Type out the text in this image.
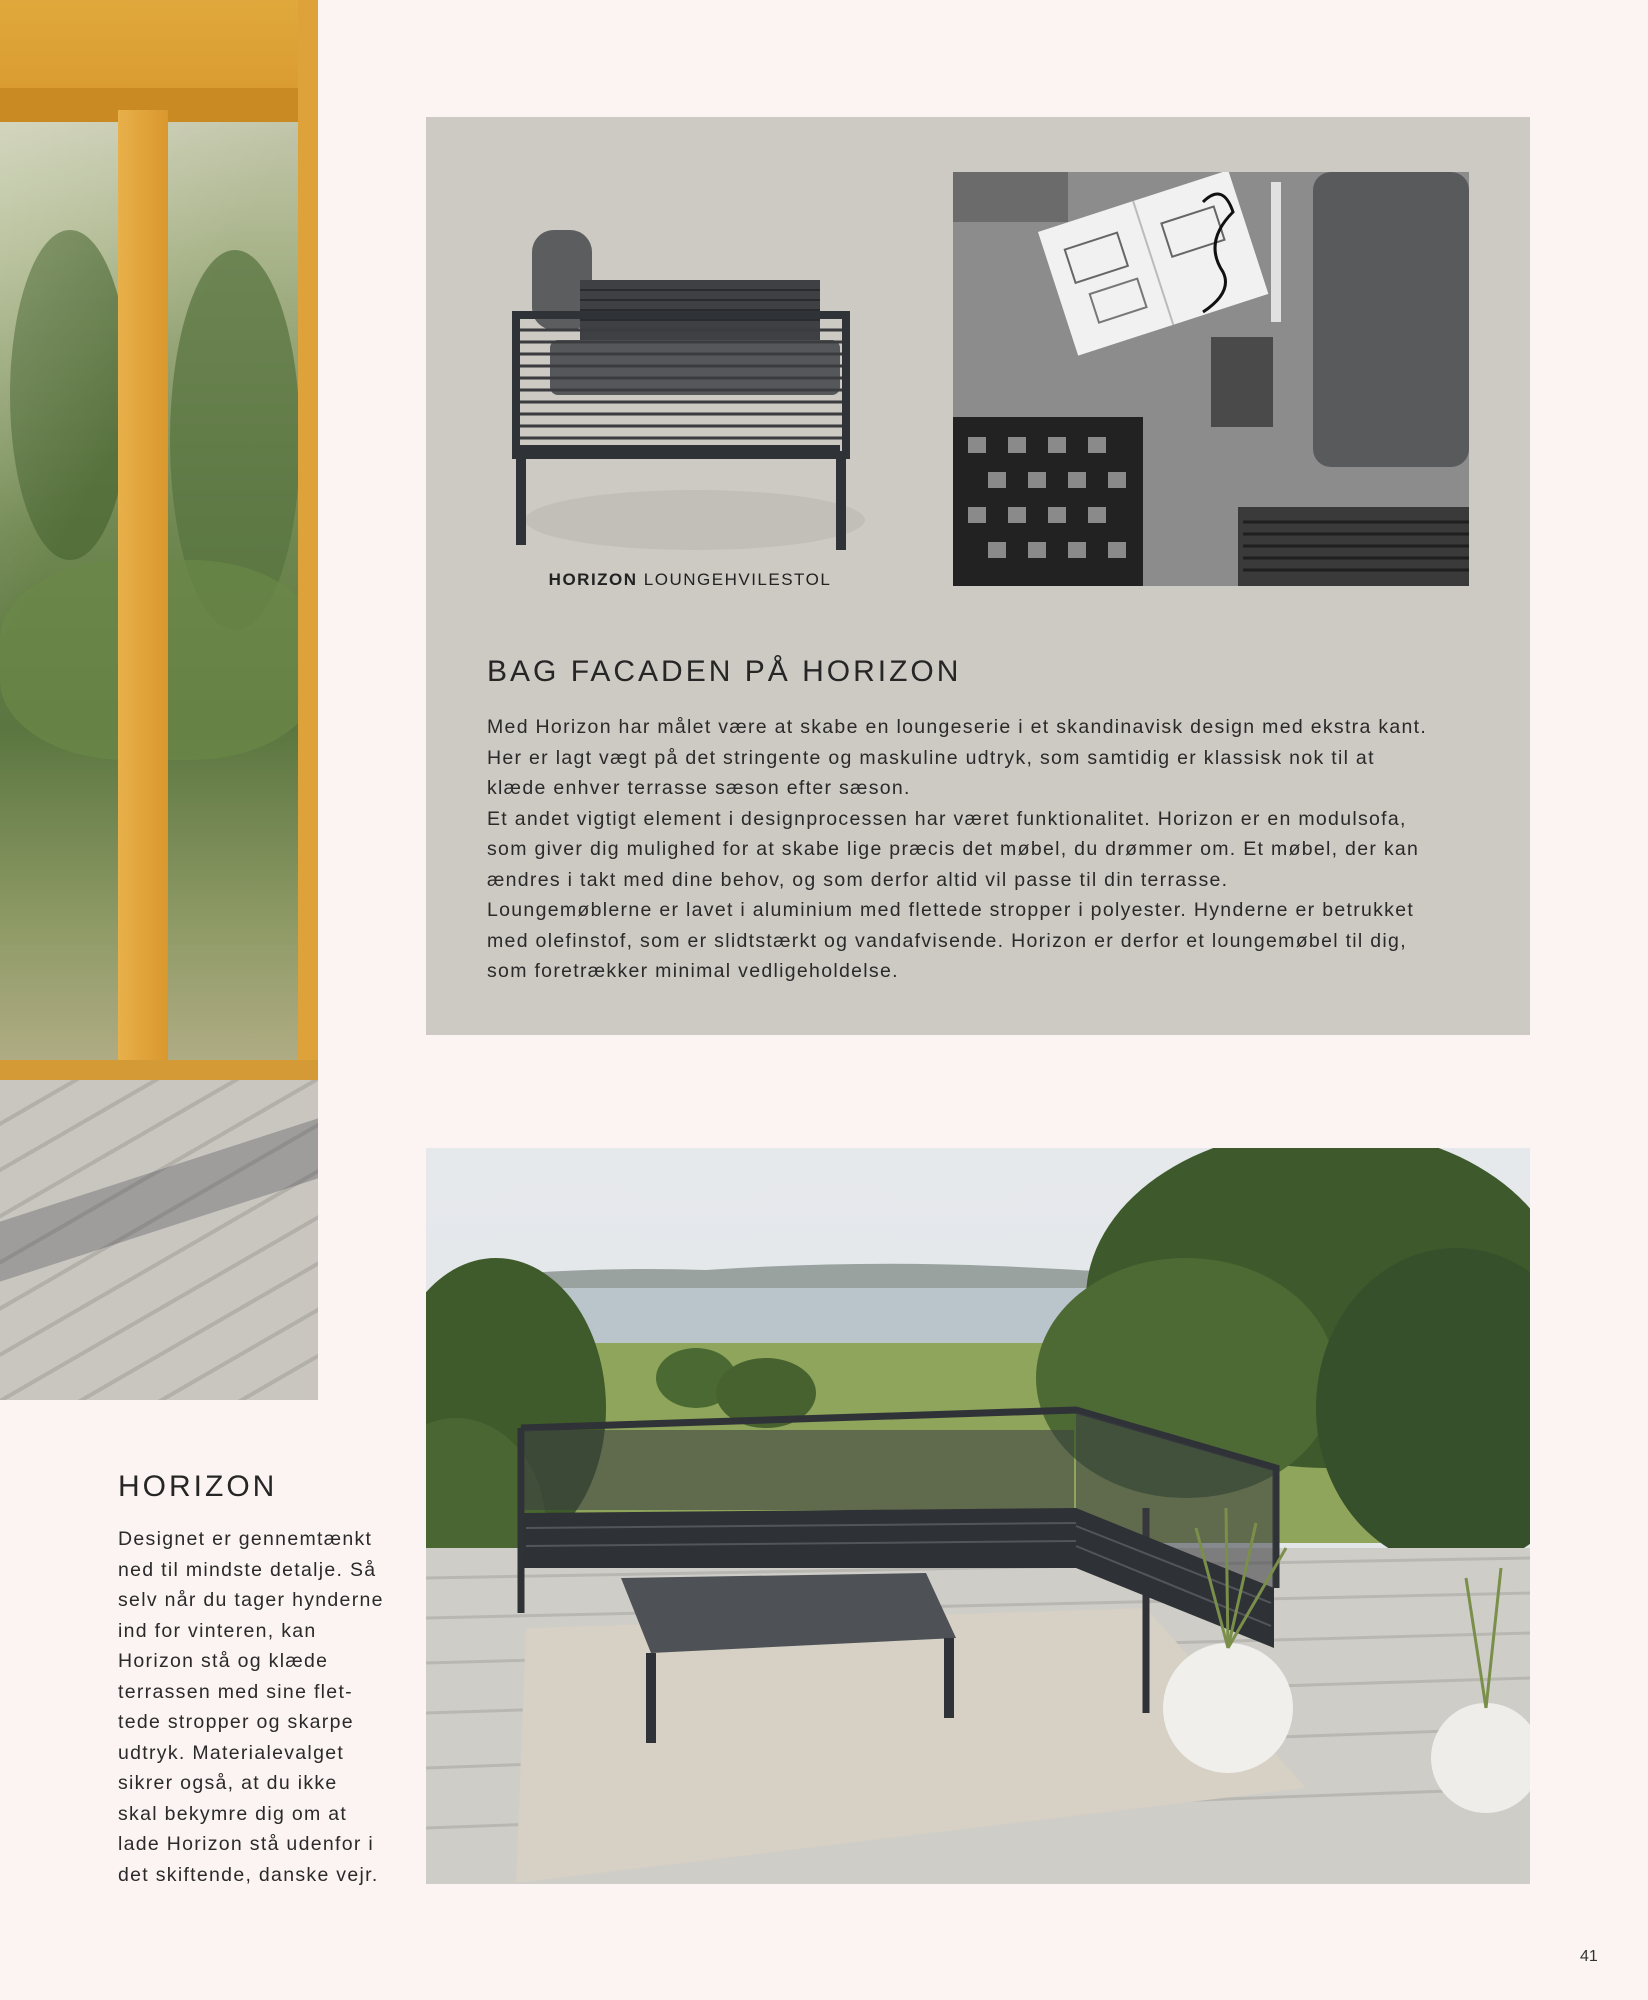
HORIZON LOUNGEHVILESTOL
BAG FACADEN PÅ HORIZON

Med Horizon har målet være at skabe en loungeserie i et skandinavisk design med ekstra kant.

Her er lagt vægt på det stringente og maskuline udtryk, som samtidig er klassisk nok til at

klæde enhver terrasse sæson efter sæson.

Et andet vigtigt element i designprocessen har været funktionalitet. Horizon er en modulsofa,

som giver dig mulighed for at skabe lige præcis det møbel, du drømmer om. Et møbel, der kan

ændres i takt med dine behov, og som derfor altid vil passe til din terrasse.

Loungemøblerne er lavet i aluminium med flettede stropper i polyester. Hynderne er betrukket

med olefinstof, som er slidtstærkt og vandafvisende. Horizon er derfor et loungemøbel til dig,

som foretrækker minimal vedligeholdelse.

HORIZON
Designet er gennemtænkt
ned til mindste detalje. Så
selv når du tager hynderne
ind for vinteren, kan
Horizon stå og klæde
terrassen med sine flet-
tede stropper og skarpe
udtryk. Materialevalget
sikrer også, at du ikke
skal bekymre dig om at
lade Horizon stå udenfor i
det skiftende, danske vejr.
41
